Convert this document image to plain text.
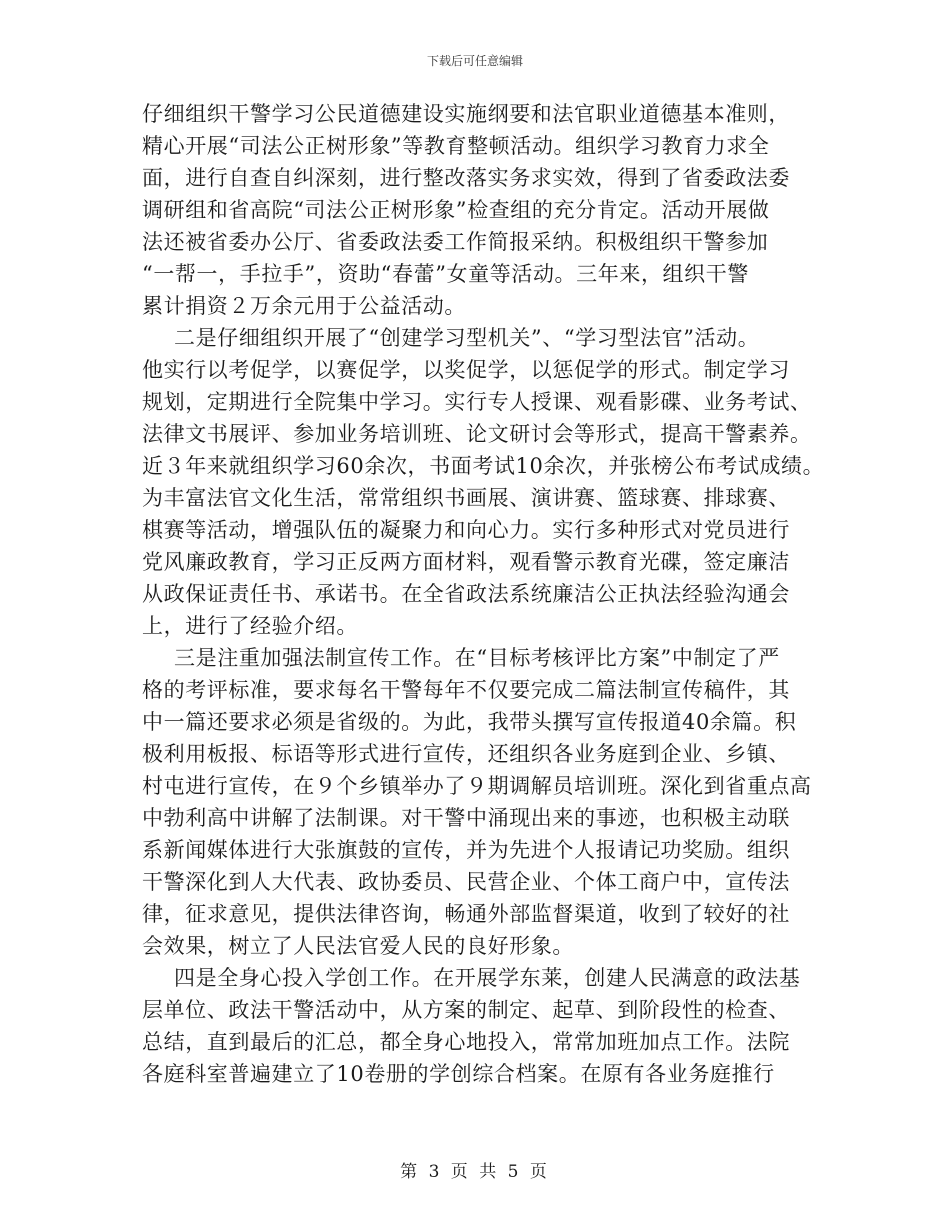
下载后可任意编辑
仔细组织干警学习公民道德建设实施纲要和法官职业道德基本准则，
精心开展“司法公正树形象”等教育整顿活动。组织学习教育力求全
面，进行自查自纠深刻，进行整改落实务求实效，得到了省委政法委
调研组和省高院“司法公正树形象”检查组的充分肯定。活动开展做
法还被省委办公厅、省委政法委工作简报采纳。积极组织干警参加
“一帮一，手拉手”，资助“春蕾”女童等活动。三年来，组织干警
累计捐资２万余元用于公益活动。
二是仔细组织开展了“创建学习型机关”、“学习型法官”活动。
他实行以考促学，以赛促学，以奖促学，以惩促学的形式。制定学习
规划，定期进行全院集中学习。实行专人授课、观看影碟、业务考试、
法律文书展评、参加业务培训班、论文研讨会等形式，提高干警素养。
近３年来就组织学习60余次，书面考试10余次，并张榜公布考试成绩。
为丰富法官文化生活，常常组织书画展、演讲赛、篮球赛、排球赛、
棋赛等活动，增强队伍的凝聚力和向心力。实行多种形式对党员进行
党风廉政教育，学习正反两方面材料，观看警示教育光碟，签定廉洁
从政保证责任书、承诺书。在全省政法系统廉洁公正执法经验沟通会
上，进行了经验介绍。
三是注重加强法制宣传工作。在“目标考核评比方案”中制定了严
格的考评标准，要求每名干警每年不仅要完成二篇法制宣传稿件，其
中一篇还要求必须是省级的。为此，我带头撰写宣传报道40余篇。积
极利用板报、标语等形式进行宣传，还组织各业务庭到企业、乡镇、
村屯进行宣传，在９个乡镇举办了９期调解员培训班。深化到省重点高
中勃利高中讲解了法制课。对干警中涌现出来的事迹，也积极主动联
系新闻媒体进行大张旗鼓的宣传，并为先进个人报请记功奖励。组织
干警深化到人大代表、政协委员、民营企业、个体工商户中，宣传法
律，征求意见，提供法律咨询，畅通外部监督渠道，收到了较好的社
会效果，树立了人民法官爱人民的良好形象。
四是全身心投入学创工作。在开展学东莱，创建人民满意的政法基
层单位、政法干警活动中，从方案的制定、起草、到阶段性的检查、
总结，直到最后的汇总，都全身心地投入，常常加班加点工作。法院
各庭科室普遍建立了10卷册的学创综合档案。在原有各业务庭推行
第 3 页 共 5 页
